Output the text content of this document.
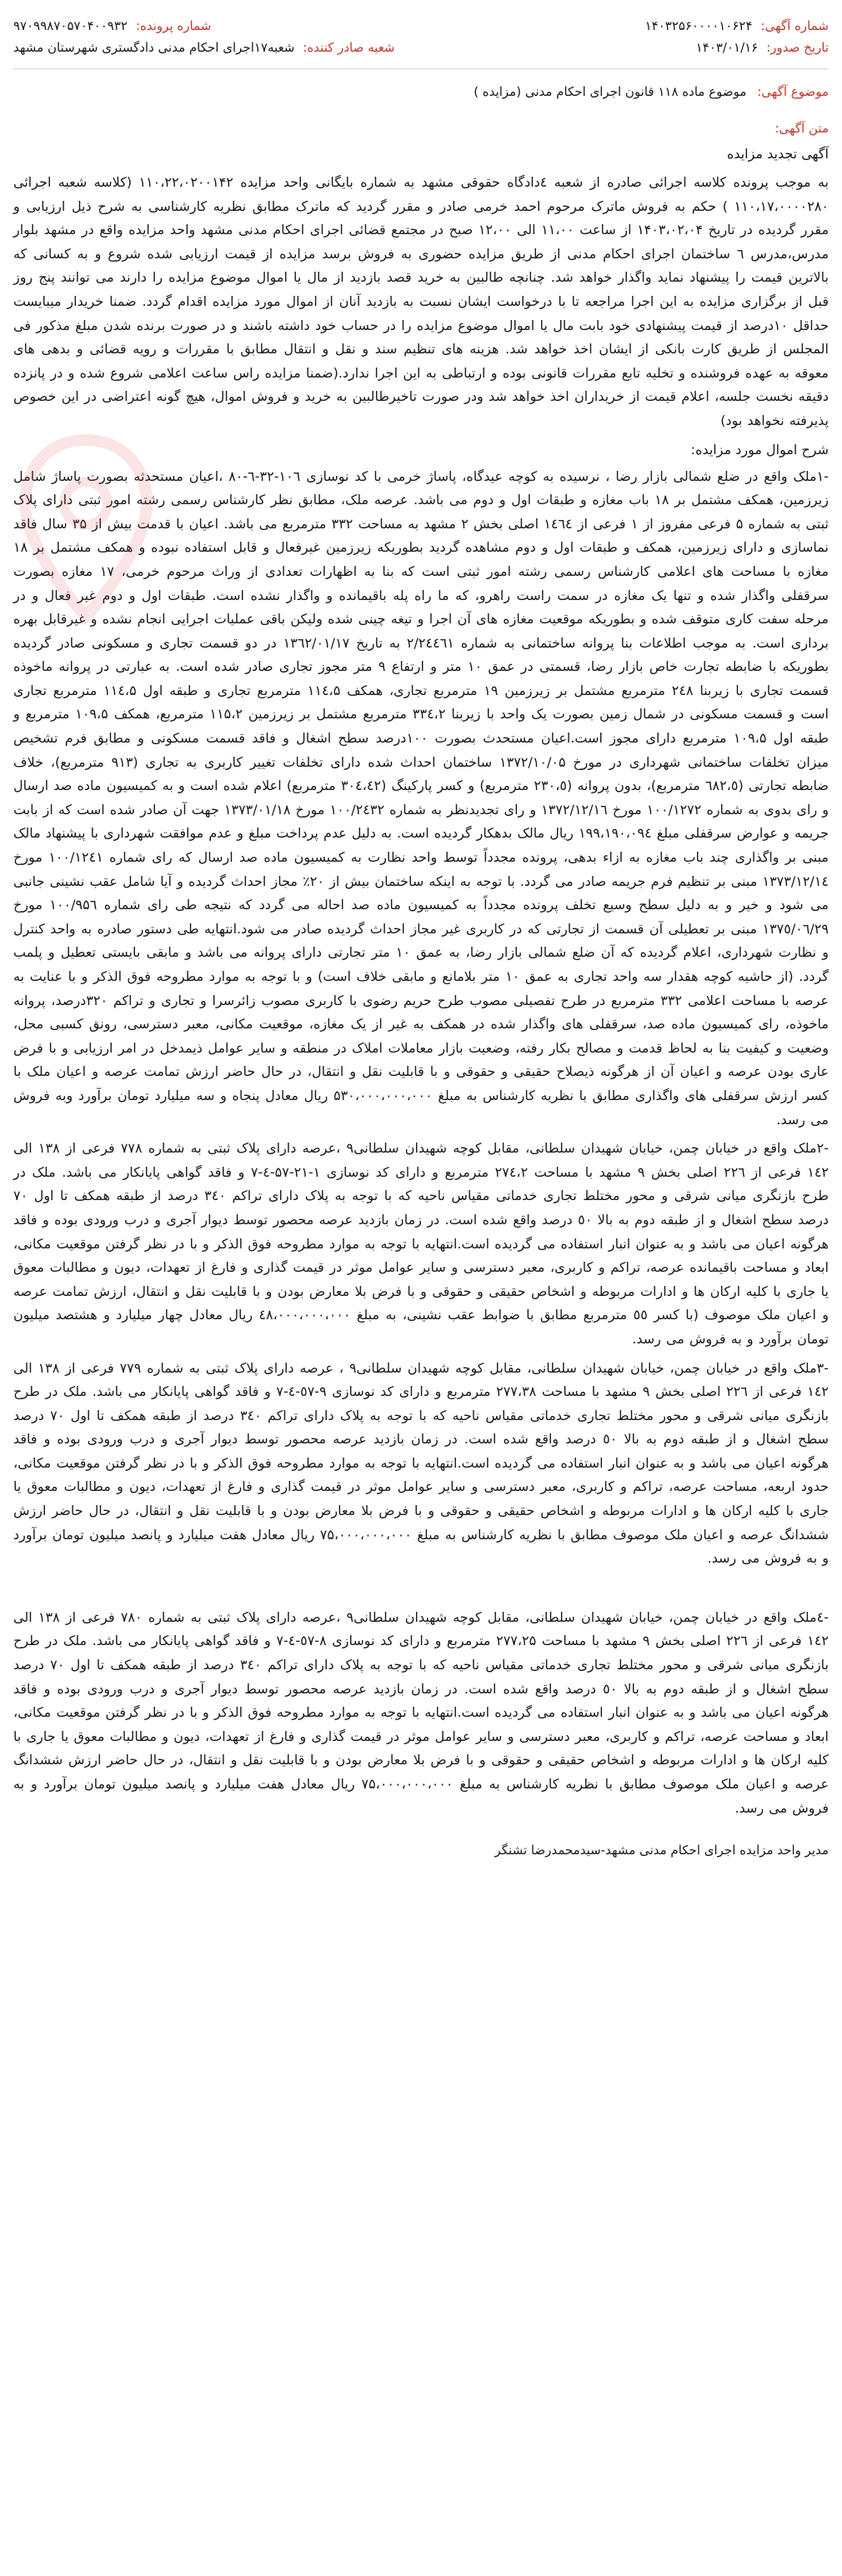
شماره آگهی:
۱۴۰۳۲۵۶۰۰۰۰۱۰۶۲۴
شماره پرونده:
۹۷۰۹۹۸۷۰۵۷۰۴۰۰۹۳۲
تاریخ صدور:
۱۴۰۳/۰۱/۱۶
شعبه صادر کننده:
شعبه۱۷اجرای احکام مدنی دادگستری شهرستان مشهد
موضوع آگهی: موضوع ماده ۱۱۸ قانون اجرای احکام مدنی (مزایده )
متن آگهی:
آگهی تجدید مزایده

به موجب پرونده کلاسه اجرائی صادره از شعبه ٤دادگاه حقوقی مشهد به شماره بایگانی واحد مزایده ۱۱۰،۲۲،۰۲۰۰۱۴۲ (کلاسه شعبه اجرائی ۱۱۰،۱۷،۰۰۰۰۲۸۰ ) حکم به فروش ماترک مرحوم احمد خرمی صادر و مقرر گردید که ماترک مطابق نظریه کارشناسی به شرح ذیل ارزیابی و مقرر گردیده در تاریخ ۱۴۰۳،۰۲،۰۴ از ساعت ۱۱،۰۰ الی ۱۲،۰۰ صبح در مجتمع قضائی اجرای احکام مدنی مشهد واحد مزایده واقع در مشهد بلوار مدرس،مدرس ٦ ساختمان اجرای احکام مدنی از طریق مزایده حضوری به فروش برسد مزایده از قیمت ارزیابی شده شروع و به کسانی که بالاترین قیمت را پیشنهاد نماید واگذار خواهد شد. چنانچه طالبین به خرید قصد بازدید از مال یا اموال موضوع مزایده را دارند می توانند پنج روز قبل از برگزاری مزایده به این اجرا مراجعه تا با درخواست ایشان نسبت به بازدید آنان از اموال مورد مزایده اقدام گردد. ضمنا خریدار میبایست حداقل ۱۰درصد از قیمت پیشنهادی خود بابت مال یا اموال موضوع مزایده را در حساب خود داشته باشند و در صورت برنده شدن مبلغ مذکور فی المجلس از طریق کارت بانکی از ایشان اخذ خواهد شد. هزینه های تنظیم سند و نقل و انتقال مطابق با مقررات و رویه قضائی و بدهی های معوقه به عهده فروشنده و تخلیه تابع مقررات قانونی بوده و ارتباطی به این اجرا ندارد.(ضمنا مزایده راس ساعت اعلامی شروع شده و در پانزده دقیقه نخست جلسه، اعلام قیمت از خریداران اخذ خواهد شد ودر صورت تاخیرطالبین به خرید و فروش اموال، هیچ گونه اعتراضی در این خصوص پذیرفته نخواهد بود)

شرح اموال مورد مزایده:

-۱ملک واقع در ضلع شمالی بازار رضا ، نرسیده به کوچه عیدگاه، پاساژ خرمی با کد نوسازی ۱۰٦-۳۲-٦-۸۰ ،اعیان مستحدثه بصورت پاساژ شامل زیرزمین، همکف مشتمل بر ۱۸ باب مغازه و طبقات اول و دوم می باشد. عرصه ملک، مطابق نظر کارشناس رسمی رشته امور ثبتی دارای پلاک ثبتی به شماره ۵ فرعی مفروز از ۱ فرعی از ۱٤٦٤ اصلی بخش ۲ مشهد به مساحت ۳۳۲ مترمربع می باشد. اعیان با قدمت بیش از ۳۵ سال فاقد نماسازی و دارای زیرزمین، همکف و طبقات اول و دوم مشاهده گردید بطوریکه زیرزمین غیرفعال و قابل استفاده نبوده و همکف مشتمل بر ۱۸ مغازه با مساحت های اعلامی کارشناس رسمی رشته امور ثبتی است که بنا به اظهارات تعدادی از وراث مرحوم خرمی، ۱۷ مغازه بصورت سرقفلی واگذار شده و تنها یک مغازه در سمت راست راهرو، که ما راه پله باقیمانده و واگذار نشده است. طبقات اول و دوم غیر فعال و در مرحله سفت کاری متوقف شده و بطوریکه موقعیت مغازه های آن اجرا و تیغه چینی شده ولیکن باقی عملیات اجرایی انجام نشده و غیرقابل بهره برداری است. به موجب اطلاعات بنا پروانه ساختمانی به شماره ۲/٢٤٤٦١ به تاریخ ۱۳٦٢/۰۱/۱۷ در دو قسمت تجاری و مسکونی صادر گردیده بطوریکه با ضابطه تجارت خاص بازار رضا، قسمتی در عمق ۱۰ متر و ارتفاع ۹ متر مجوز تجاری صادر شده است. به عبارتی در پروانه ماخوذه قسمت تجاری با زیربنا ۲٤۸ مترمربع مشتمل بر زیرزمین ۱۹ مترمربع تجاری، همکف ۱۱٤،۵ مترمربع تجاری و طبقه اول ۱۱٤،۵ مترمربع تجاری است و قسمت مسکونی در شمال زمین بصورت یک واحد با زیربنا ۳۳٤،۲ مترمربع مشتمل بر زیرزمین ۱۱۵،۲ مترمربع، همکف ۱۰۹،۵ مترمربع و طبقه اول ۱۰۹،۵ مترمربع دارای مجوز است.اعیان مستحدث بصورت ۱۰۰درصد سطح اشغال و فاقد قسمت مسکونی و مطابق فرم تشخیص میزان تخلفات ساختمانی شهرداری در مورخ ۱۳۷۲/۱۰/۰۵ ساختمان احداث شده دارای تخلفات تغییر کاربری به تجاری (۹۱۳ مترمربع)، خلاف ضابطه تجارتی (٦٨٢،٥ مترمربع)، بدون پروانه (۲۳۰،٥ مترمربع) و کسر پارکینگ (۳۰٤،٤٢ مترمربع) اعلام شده است و به کمیسیون ماده صد ارسال و رای بدوی به شماره ۱۰۰/۱۲۷۲ مورخ ۱۳۷۲/۱۲/۱٦ و رای تجدیدنظر به شماره ۱۰۰/٢٤٣٢ مورخ ۱۳۷۳/۰۱/۱۸ جهت آن صادر شده است که از بابت جریمه و عوارض سرقفلی مبلغ ۱۹۹،۱۹۰،۰۹٤ ریال مالک بدهکار گردیده است. به دلیل عدم پرداخت مبلغ و عدم موافقت شهرداری با پیشنهاد مالک مبنی بر واگذاری چند باب مغازه به ازاء بدهی، پرونده مجدداً توسط واحد نظارت به کمیسیون ماده صد ارسال که رای شماره ۱۰۰/١٢٤١ مورخ ۱۳۷۳/۱۲/۱٤ مبنی بر تنظیم فرم جریمه صادر می گردد. با توجه به اینکه ساختمان بیش از ۲۰٪ مجاز احداث گردیده و آیا شامل عقب نشینی جانبی می شود و خیر و به دلیل سطح وسیع تخلف پرونده مجدداً به کمیسیون ماده صد احاله می گردد که نتیجه طی رای شماره ۱۰۰/۹۵٦ مورخ ۱۳۷٥/۰٦/۲۹ مبنی بر تعطیلی آن قسمت از تجارتی که در کاربری غیر مجاز احداث گردیده صادر می شود.انتهایه طی دستور صادره به واحد کنترل و نظارت شهرداری، اعلام گردیده که آن ضلع شمالی بازار رضا، به عمق ۱۰ متر تجارتی دارای پروانه می باشد و مابقی بایستی تعطیل و پلمب گردد. (از حاشیه کوچه هقدار سه واحد تجاری به عمق ۱۰ متر بلامانع و مابقی خلاف است) و با توجه به موارد مطروحه فوق الذکر و با عنایت به عرصه با مساحت اعلامی ۳۳۲ مترمربع در طرح تفصیلی مصوب طرح حریم رضوی با کاربری مصوب زائرسرا و تجاری و تراکم ۳۲۰درصد، پروانه ماخوذه، رای کمیسیون ماده صد، سرقفلی های واگذار شده در همکف به غیر از یک مغازه، موقعیت مکانی، معبر دسترسی، رونق کسبی محل، وضعیت و کیفیت بنا به لحاظ قدمت و مصالح بکار رفته، وضعیت بازار معاملات املاک در منطقه و سایر عوامل ذیمدخل در امر ارزیابی و با فرض عاری بودن عرصه و اعیان آن از هرگونه ذیصلاح حقیقی و حقوقی و با قابلیت نقل و انتقال، در حال حاضر ارزش تمامت عرصه و اعیان ملک با کسر ارزش سرقفلی های واگذاری مطابق با نظریه کارشناس به مبلغ ۵۳۰،۰۰۰،۰۰۰،۰۰۰ ریال معادل پنجاه و سه میلیارد تومان برآورد وبه فروش می رسد.

-۲ملک واقع در خیابان چمن، خیابان شهیدان سلطانی، مقابل کوچه شهیدان سلطانی۹ ،عرصه دارای پلاک ثبتی به شماره ۷۷۸ فرعی از ۱۳۸ الی ۱٤۲ فرعی از ۲۲٦ اصلی بخش ۹ مشهد با مساحت ۲۷٤،۲ مترمربع و دارای کد نوسازی ۱-۲۱-۵۷-٤-۷ و فاقد گواهی پایانکار می باشد. ملک در طرح بازنگری میانی شرقی و محور مختلط تجاری خدماتی مقیاس ناحیه که با توجه به پلاک دارای تراکم ۳٤۰ درصد از طبقه همکف تا اول ۷۰ درصد سطح اشغال و از طبقه دوم به بالا ٥٠ درصد واقع شده است. در زمان بازدید عرصه محصور توسط دیوار آجری و درب ورودی بوده و فاقد هرگونه اعیان می باشد و به عنوان انبار استفاده می گردیده است.انتهایه با توجه به موارد مطروحه فوق الذکر و با در نظر گرفتن موقعیت مکانی، ابعاد و مساحت باقیمانده عرصه، تراکم و کاربری، معبر دسترسی و سایر عوامل موثر در قیمت گذاری و فارغ از تعهدات، دیون و مطالبات معوق یا جاری با کلیه ارکان ها و ادارات مربوطه و اشخاص حقیقی و حقوقی و با فرض بلا معارض بودن و با قابلیت نقل و انتقال، ارزش تمامت عرصه و اعیان ملک موصوف (با کسر ٥٥ مترمربع مطابق با ضوابط عقب نشینی، به مبلغ ٤٨،٠٠٠،٠٠٠،٠٠٠ ریال معادل چهار میلیارد و هشتصد میلیون تومان برآورد و به فروش می رسد.

-۳ملک واقع در خیابان چمن، خیابان شهیدان سلطانی، مقابل کوچه شهیدان سلطانی۹ ، عرصه دارای پلاک ثبتی به شماره ۷۷۹ فرعی از ۱۳۸ الی ۱٤۲ فرعی از ۲۲٦ اصلی بخش ۹ مشهد با مساحت ۲۷۷،۳۸ مترمربع و دارای کد نوسازی ۹-٥۷-٤-۷ و فاقد گواهی پایانکار می باشد. ملک در طرح بازنگری میانی شرقی و محور مختلط تجاری خدماتی مقیاس ناحیه که با توجه به پلاک دارای تراکم ۳٤۰ درصد از طبقه همکف تا اول ۷۰ درصد سطح اشغال و از طبقه دوم به بالا ٥٠ درصد واقع شده است. در زمان بازدید عرصه محصور توسط دیوار آجری و درب ورودی بوده و فاقد هرگونه اعیان می باشد و به عنوان انبار استفاده می گردیده است.انتهایه با توجه به موارد مطروحه فوق الذکر و با در نظر گرفتن موقعیت مکانی، حدود اربعه، مساحت عرصه، تراکم و کاربری، معبر دسترسی و سایر عوامل موثر در قیمت گذاری و فارغ از تعهدات، دیون و مطالبات معوق یا جاری با کلیه ارکان ها و ادارات مربوطه و اشخاص حقیقی و حقوقی و با فرض بلا معارض بودن و با قابلیت نقل و انتقال، در حال حاضر ارزش ششدانگ عرصه و اعیان ملک موصوف مطابق با نظریه کارشناس به مبلغ ۷۵،۰۰۰،۰۰۰،۰۰۰ ریال معادل هفت میلیارد و پانصد میلیون تومان برآورد و به فروش می رسد.

-٤ملک واقع در خیابان چمن، خیابان شهیدان سلطانی، مقابل کوچه شهیدان سلطانی۹ ،عرصه دارای پلاک ثبتی به شماره ۷۸۰ فرعی از ۱۳۸ الی ۱٤۲ فرعی از ۲۲٦ اصلی بخش ۹ مشهد با مساحت ۲۷۷،۲۵ مترمربع و دارای کد نوسازی ۸-٥۷-٤-۷ و فاقد گواهی پایانکار می باشد. ملک در طرح بازنگری میانی شرقی و محور مختلط تجاری خدماتی مقیاس ناحیه که با توجه به پلاک دارای تراکم ۳٤۰ درصد از طبقه همکف تا اول ۷۰ درصد سطح اشغال و از طبقه دوم به بالا ٥٠ درصد واقع شده است. در زمان بازدید عرصه محصور توسط دیوار آجری و درب ورودی بوده و فاقد هرگونه اعیان می باشد و به عنوان انبار استفاده می گردیده است.انتهایه با توجه به موارد مطروحه فوق الذکر و با در نظر گرفتن موقعیت مکانی، ابعاد و مساحت عرصه، تراکم و کاربری، معبر دسترسی و سایر عوامل موثر در قیمت گذاری و فارغ از تعهدات، دیون و مطالبات معوق یا جاری با کلیه ارکان ها و ادارات مربوطه و اشخاص حقیقی و حقوقی و با فرض بلا معارض بودن و با قابلیت نقل و انتقال، در حال حاضر ارزش ششدانگ عرصه و اعیان ملک موصوف مطابق با نظریه کارشناس به مبلغ ۷۵،۰۰۰،۰۰۰،۰۰۰ ریال معادل هفت میلیارد و پانصد میلیون تومان برآورد و به فروش می رسد.

مدیر واحد مزایده اجرای احکام مدنی مشهد-سیدمحمدرضا تشنگر
